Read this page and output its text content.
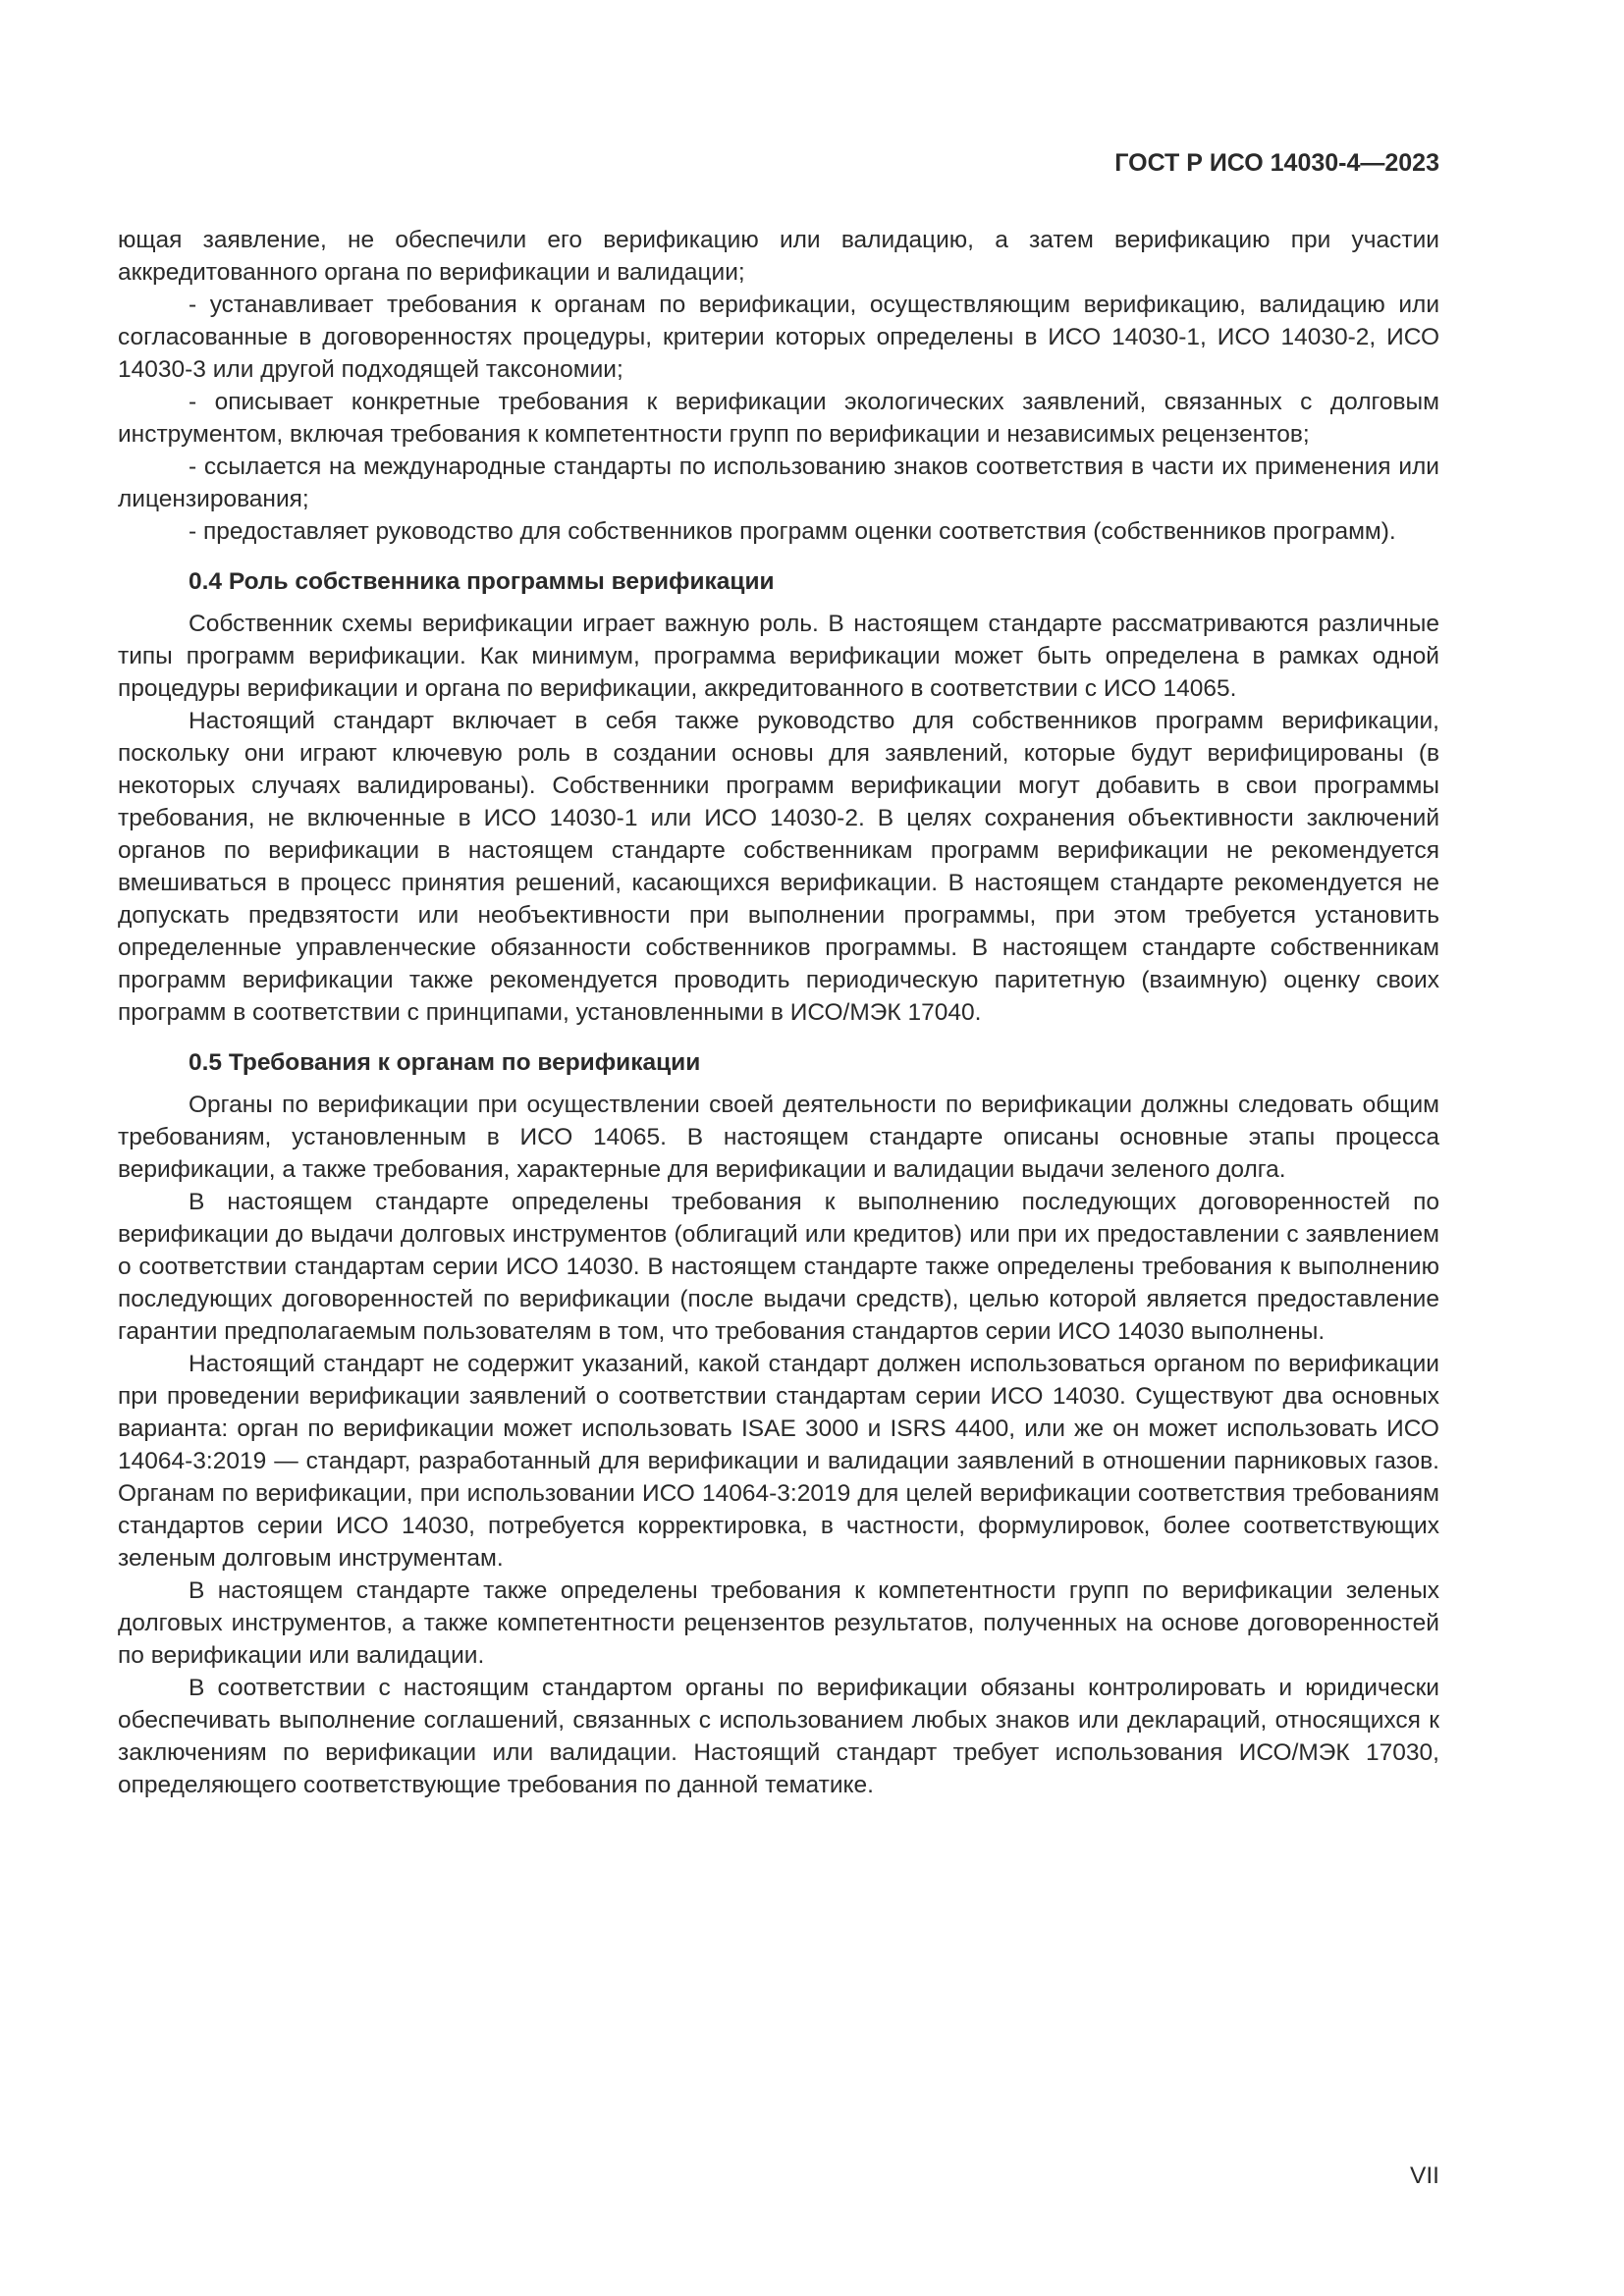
ГОСТ Р ИСО 14030-4—2023

ющая заявление, не обеспечили его верификацию или валидацию, а затем верификацию при участии аккредитованного органа по верификации и валидации;

- устанавливает требования к органам по верификации, осуществляющим верификацию, валидацию или согласованные в договоренностях процедуры, критерии которых определены в ИСО 14030-1, ИСО 14030-2, ИСО 14030-3 или другой подходящей таксономии;

- описывает конкретные требования к верификации экологических заявлений, связанных с долговым инструментом, включая требования к компетентности групп по верификации и независимых рецензентов;

- ссылается на международные стандарты по использованию знаков соответствия в части их применения или лицензирования;

- предоставляет руководство для собственников программ оценки соответствия (собственников программ).

0.4 Роль собственника программы верификации

Собственник схемы верификации играет важную роль. В настоящем стандарте рассматриваются различные типы программ верификации. Как минимум, программа верификации может быть определена в рамках одной процедуры верификации и органа по верификации, аккредитованного в соответствии с ИСО 14065.

Настоящий стандарт включает в себя также руководство для собственников программ верификации, поскольку они играют ключевую роль в создании основы для заявлений, которые будут верифицированы (в некоторых случаях валидированы). Собственники программ верификации могут добавить в свои программы требования, не включенные в ИСО 14030-1 или ИСО 14030-2. В целях сохранения объективности заключений органов по верификации в настоящем стандарте собственникам программ верификации не рекомендуется вмешиваться в процесс принятия решений, касающихся верификации. В настоящем стандарте рекомендуется не допускать предвзятости или необъективности при выполнении программы, при этом требуется установить определенные управленческие обязанности собственников программы. В настоящем стандарте собственникам программ верификации также рекомендуется проводить периодическую паритетную (взаимную) оценку своих программ в соответствии с принципами, установленными в ИСО/МЭК 17040.

0.5 Требования к органам по верификации

Органы по верификации при осуществлении своей деятельности по верификации должны следовать общим требованиям, установленным в ИСО 14065. В настоящем стандарте описаны основные этапы процесса верификации, а также требования, характерные для верификации и валидации выдачи зеленого долга.

В настоящем стандарте определены требования к выполнению последующих договоренностей по верификации до выдачи долговых инструментов (облигаций или кредитов) или при их предоставлении с заявлением о соответствии стандартам серии ИСО 14030. В настоящем стандарте также определены требования к выполнению последующих договоренностей по верификации (после выдачи средств), целью которой является предоставление гарантии предполагаемым пользователям в том, что требования стандартов серии ИСО 14030 выполнены.

Настоящий стандарт не содержит указаний, какой стандарт должен использоваться органом по верификации при проведении верификации заявлений о соответствии стандартам серии ИСО 14030. Существуют два основных варианта: орган по верификации может использовать ISAE 3000 и ISRS 4400, или же он может использовать ИСО 14064-3:2019 — стандарт, разработанный для верификации и валидации заявлений в отношении парниковых газов. Органам по верификации, при использовании ИСО 14064-3:2019 для целей верификации соответствия требованиям стандартов серии ИСО 14030, потребуется корректировка, в частности, формулировок, более соответствующих зеленым долговым инструментам.

В настоящем стандарте также определены требования к компетентности групп по верификации зеленых долговых инструментов, а также компетентности рецензентов результатов, полученных на основе договоренностей по верификации или валидации.

В соответствии с настоящим стандартом органы по верификации обязаны контролировать и юридически обеспечивать выполнение соглашений, связанных с использованием любых знаков или деклараций, относящихся к заключениям по верификации или валидации. Настоящий стандарт требует использования ИСО/МЭК 17030, определяющего соответствующие требования по данной тематике.

VII
